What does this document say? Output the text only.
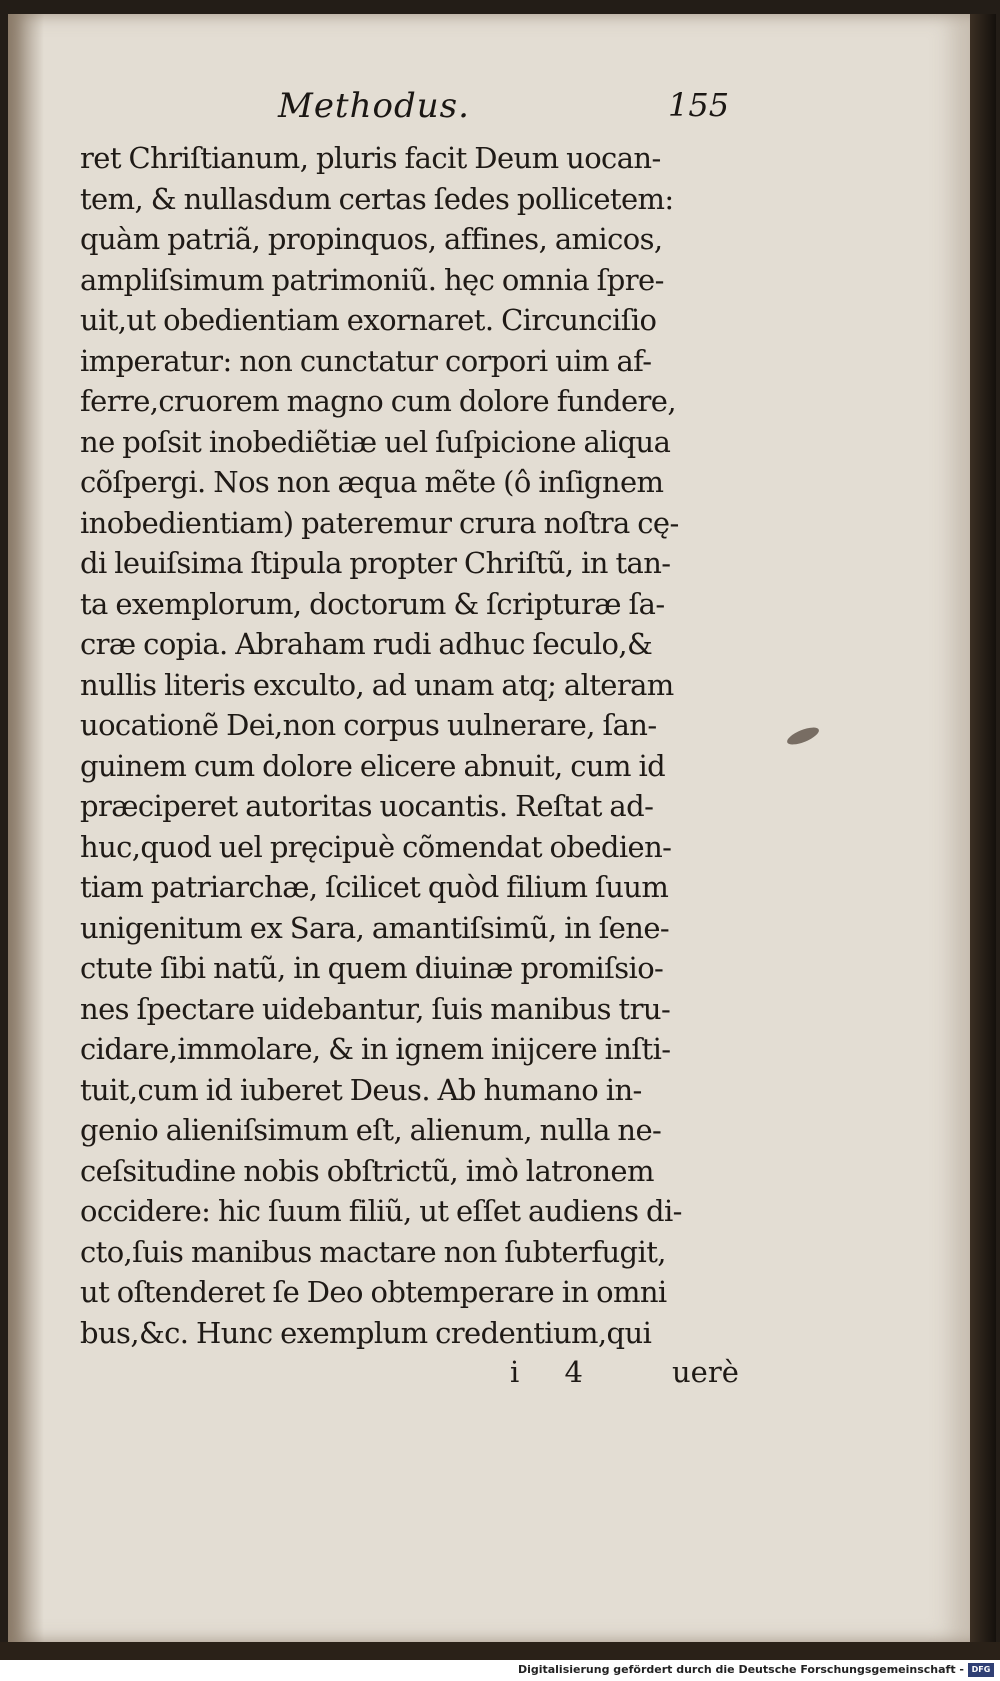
Methodus.	155
ret Chriſtianum, pluris facit Deum uocan-
tem, & nullasdum certas ſedes pollicetem:
quàm patriã, propinquos, affines, amicos,
ampliſsimum patrimoniũ. hęc omnia ſpre-
uit,ut obedientiam exornaret. Circunciſio
imperatur: non cunctatur corpori uim af-
ferre,cruorem magno cum dolore fundere,
ne poſsit inobediẽtiæ uel ſuſpicione aliqua
cõſpergi. Nos non æqua mẽte (ô inſignem
inobedientiam) pateremur crura noſtra cę-
di leuiſsima ſtipula propter Chriſtũ, in tan-
ta exemplorum, doctorum & ſcripturæ ſa-
cræ copia. Abraham rudi adhuc ſeculo,&
nullis literis exculto, ad unam atq; alteram
uocationẽ Dei,non corpus uulnerare, ſan-
guinem cum dolore elicere abnuit, cum id
præciperet autoritas uocantis. Reſtat ad-
huc,quod uel pręcipuè cõmendat obedien-
tiam patriarchæ, ſcilicet quòd filium ſuum
unigenitum ex Sara, amantiſsimũ, in ſene-
ctute ſibi natũ, in quem diuinæ promiſsio-
nes ſpectare uidebantur, ſuis manibus tru-
cidare,immolare, & in ignem inijcere inſti-
tuit,cum id iuberet Deus. Ab humano in-
genio alieniſsimum eſt, alienum, nulla ne-
ceſsitudine nobis obſtrictũ, imò latronem
occidere: hic ſuum filiũ, ut eſſet audiens di-
cto,ſuis manibus mactare non ſubterfugit,
ut oſtenderet ſe Deo obtemperare in omni
bus,&c. Hunc exemplum credentium,qui
i 4 uerè
Digitalisierung gefördert durch die Deutsche Forschungsgemeinschaft - DFG
